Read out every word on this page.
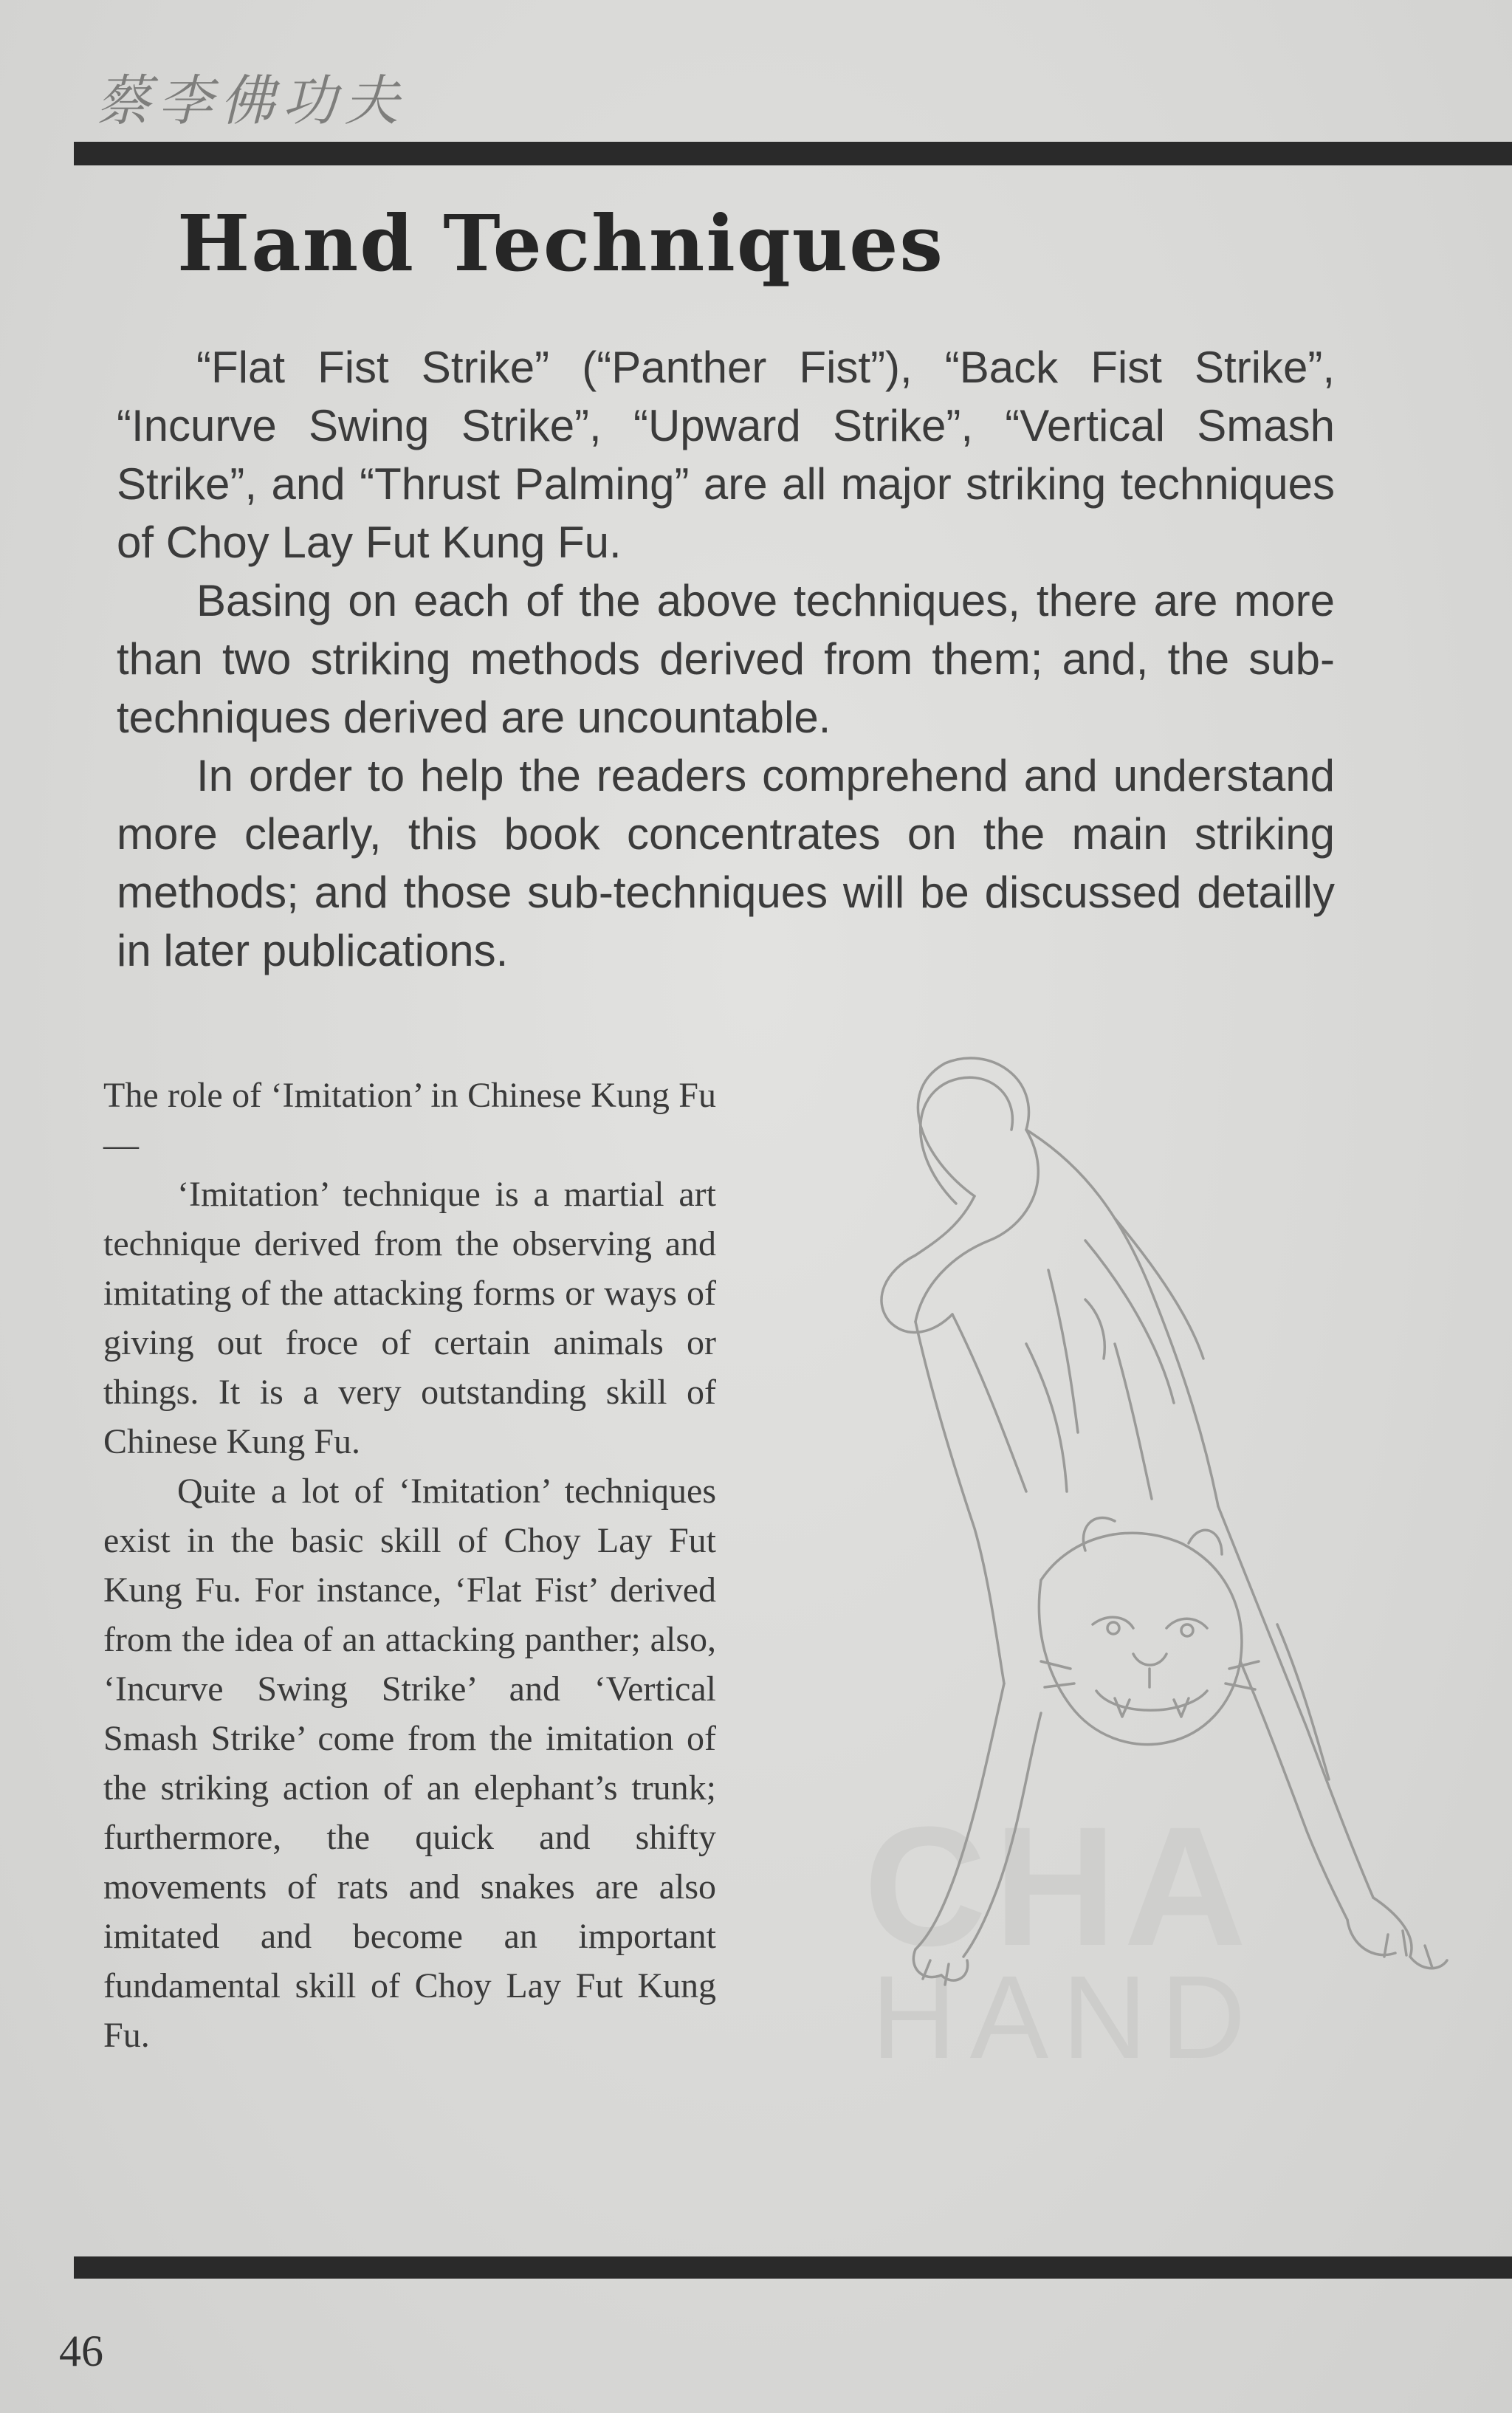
蔡李佛功夫
Hand Techniques

“Flat Fist Strike” (“Panther Fist”), “Back Fist Strike”, “Incurve Swing Strike”, “Upward Strike”, “Vertical Smash Strike”, and “Thrust Palming” are all major striking techniques of Choy Lay Fut Kung Fu.

Basing on each of the above techniques, there are more than two striking methods derived from them; and, the sub-techniques derived are uncountable.

In order to help the readers comprehend and understand more clearly, this book concentrates on the main striking methods; and those sub-techniques will be discussed detailly in later publications.

CHA
HAND

The role of ‘Imitation’ in Chinese Kung Fu —

‘Imitation’ technique is a martial art technique derived from the observing and imitating of the attacking forms or ways of giving out froce of certain animals or things. It is a very outstanding skill of Chinese Kung Fu.

Quite a lot of ‘Imitation’ techniques exist in the basic skill of Choy Lay Fut Kung Fu. For instance, ‘Flat Fist’ derived from the idea of an attacking panther; also, ‘Incurve Swing Strike’ and ‘Vertical Smash Strike’ come from the imitation of the striking action of an elephant’s trunk; furthermore, the quick and shifty movements of rats and snakes are also imitated and become an important fundamental skill of Choy Lay Fut Kung Fu.

46
